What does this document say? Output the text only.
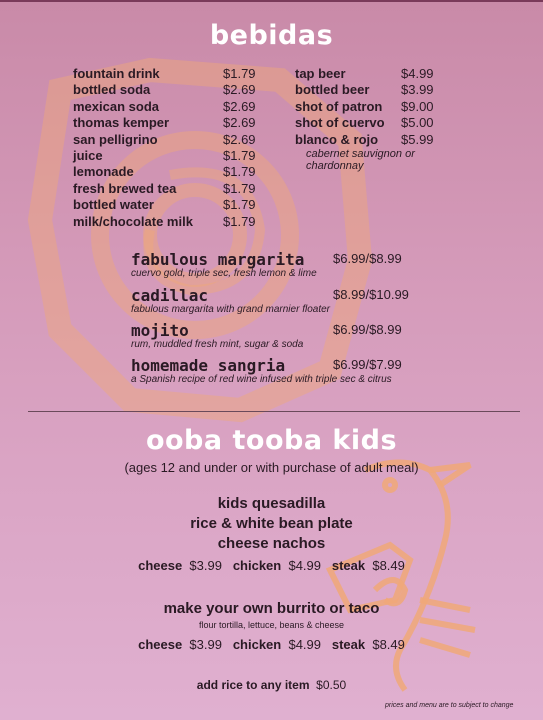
bebidas
fountain drink	$1.79
bottled soda	$2.69
mexican soda	$2.69
thomas kemper	$2.69
san pelligrino	$2.69
juice	$1.79
lemonade	$1.79
fresh brewed tea	$1.79
bottled water	$1.79
milk/chocolate milk $1.79
tap beer	$4.99
bottled beer $3.99
shot of patron $9.00
shot of cuervo $5.00
blanco & rojo $5.99
cabernet sauvignon or
chardonnay
fabulous margarita	$6.99/$8.99
cuervo gold, triple sec, fresh lemon & lime
cadillac	$8.99/$10.99
fabulous margarita with grand marnier floater
mojito	$6.99/$8.99
rum, muddled fresh mint, sugar & soda
homemade sangria	$6.99/$7.99
a Spanish recipe of red wine infused with triple sec & citrus
ooba tooba kids
(ages 12 and under or with purchase of adult meal)
kids quesadilla
rice & white bean plate
cheese nachos
cheese $3.99 chicken $4.99 steak $8.49
make your own burrito or taco
flour tortilla, lettuce, beans & cheese
cheese $3.99 chicken $4.99 steak $8.49
add rice to any item $0.50
prices and menu are to subject to change
